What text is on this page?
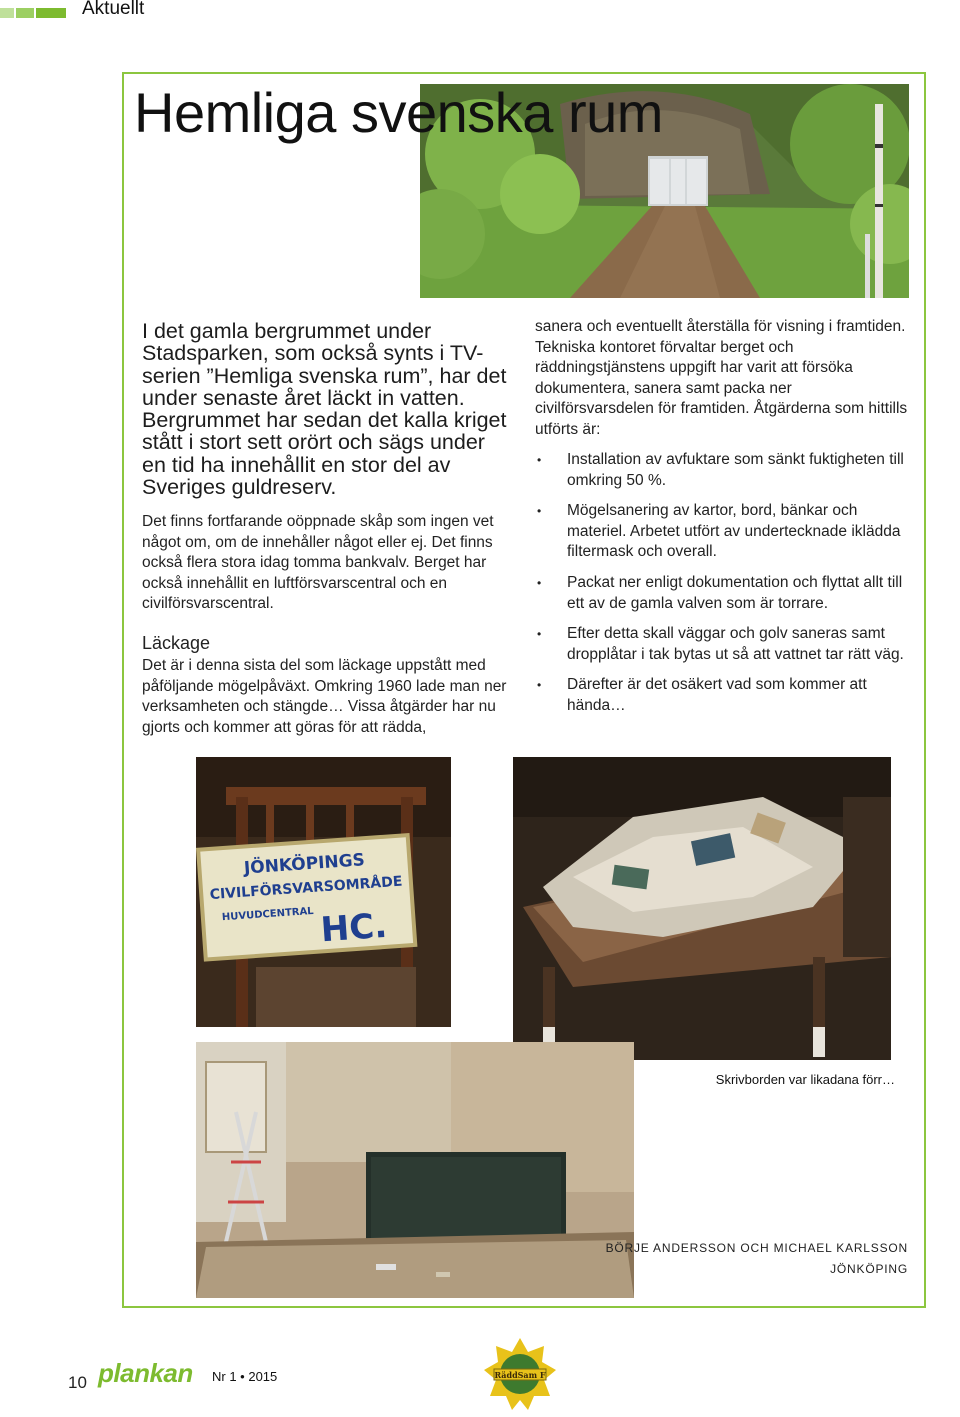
Aktuellt
Hemliga svenska rum

I det gamla bergrummet under Stadsparken, som också synts i TV- serien ”Hemliga svenska rum”, har det under senaste året läckt in vatten. Bergrummet har sedan det kalla kriget stått i stort sett orört och sägs under en tid ha innehållit en stor del av Sveriges guldreserv.

Det finns fortfarande oöppnade skåp som ingen vet något om, om de innehåller något eller ej. Det finns också flera stora idag tomma bankvalv. Berget har också innehållit en luftförsvarscentral och en civilförsvarscentral.

Läckage

Det är i denna sista del som läckage uppstått med påföljande mögelpåväxt. Omkring 1960 lade man ner verksamheten och stängde… Vissa åtgärder har nu gjorts och kommer att göras för att rädda,

sanera och eventuellt återställa för visning i framtiden. Tekniska kontoret förvaltar berget och räddningstjänstens uppgift har varit att försöka dokumentera, sanera samt packa ner civilförsvarsdelen för framtiden. Åtgärderna som hittills utförts är:

• Installation av avfuktare som sänkt fuktigheten till omkring 50 %.
• Mögelsanering av kartor, bord, bänkar och materiel. Arbetet utfört av undertecknade iklädda filtermask och overall.
• Packat ner enligt dokumentation och flyttat allt till ett av de gamla valven som är torrare.
• Efter detta skall väggar och golv saneras samt dropplåtar i tak bytas ut så att vattnet tar rätt väg.
• Därefter är det osäkert vad som kommer att hända…
JÖNKÖPINGS
CIVILFÖRSVARSOMRÅDE
HUVUDCENTRAL HC.
Skrivborden var likadana förr…
BÖRJE ANDERSSON OCH MICHAEL KARLSSON
JÖNKÖPING
10 plankan Nr 1 • 2015	RäddSam F
